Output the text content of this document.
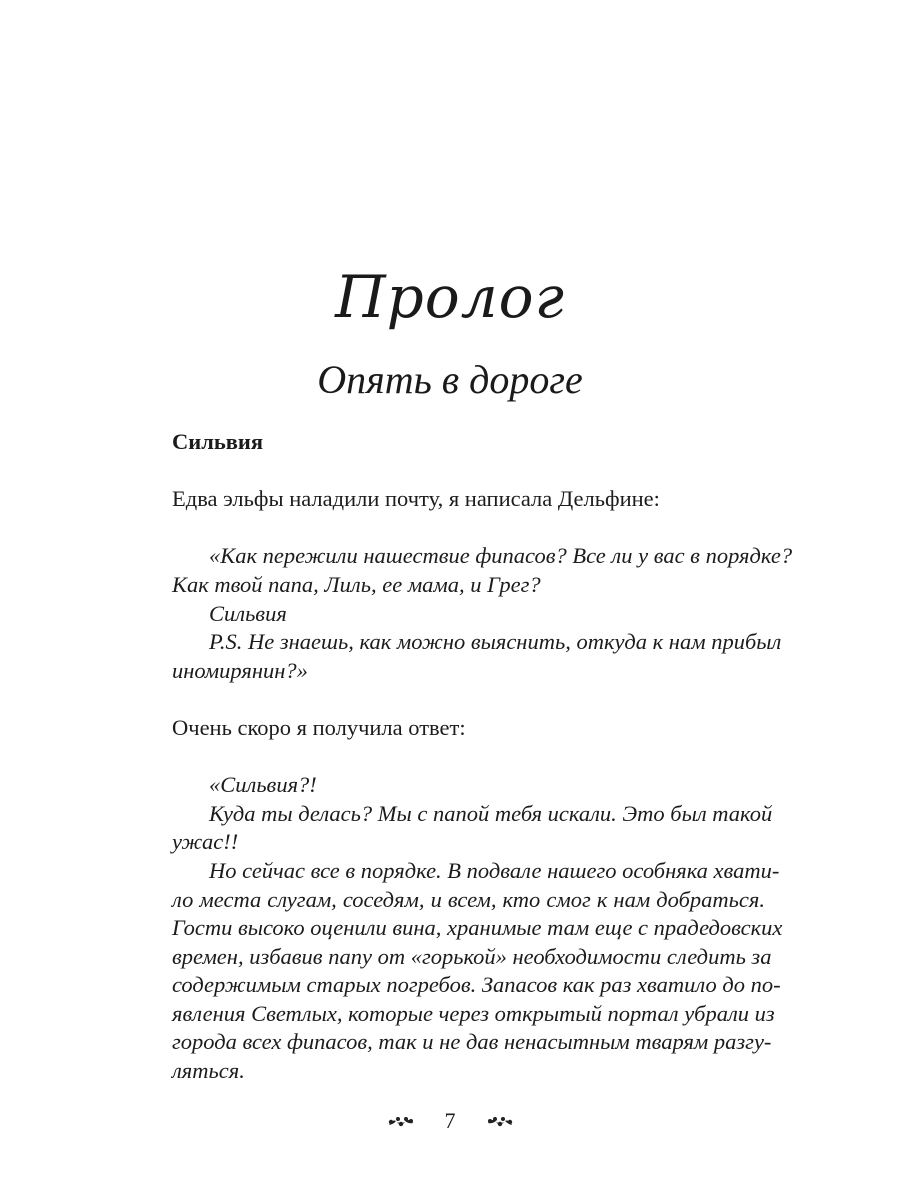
Пролог
Опять в дороге

Сильвия

Едва эльфы наладили почту, я написала Дельфине:
«Как пережили нашествие фипасов? Все ли у вас в порядке?
Как твой папа, Лиль, ее мама, и Грег?
Сильвия
P.S. Не знаешь, как можно выяснить, откуда к нам прибыл
иномирянин?»
Очень скоро я получила ответ:
«Сильвия?!
Куда ты делась? Мы с папой тебя искали. Это был такой
ужас!!
Но сейчас все в порядке. В подвале нашего особняка хвати-
ло места слугам, соседям, и всем, кто смог к нам добраться.
Гости высоко оценили вина, хранимые там еще с прадедовских
времен, избавив папу от «горькой» необходимости следить за
содержимым старых погребов. Запасов как раз хватило до по-
явления Светлых, которые через открытый портал убрали из
города всех фипасов, так и не дав ненасытным тварям разгу-
ляться.
7
